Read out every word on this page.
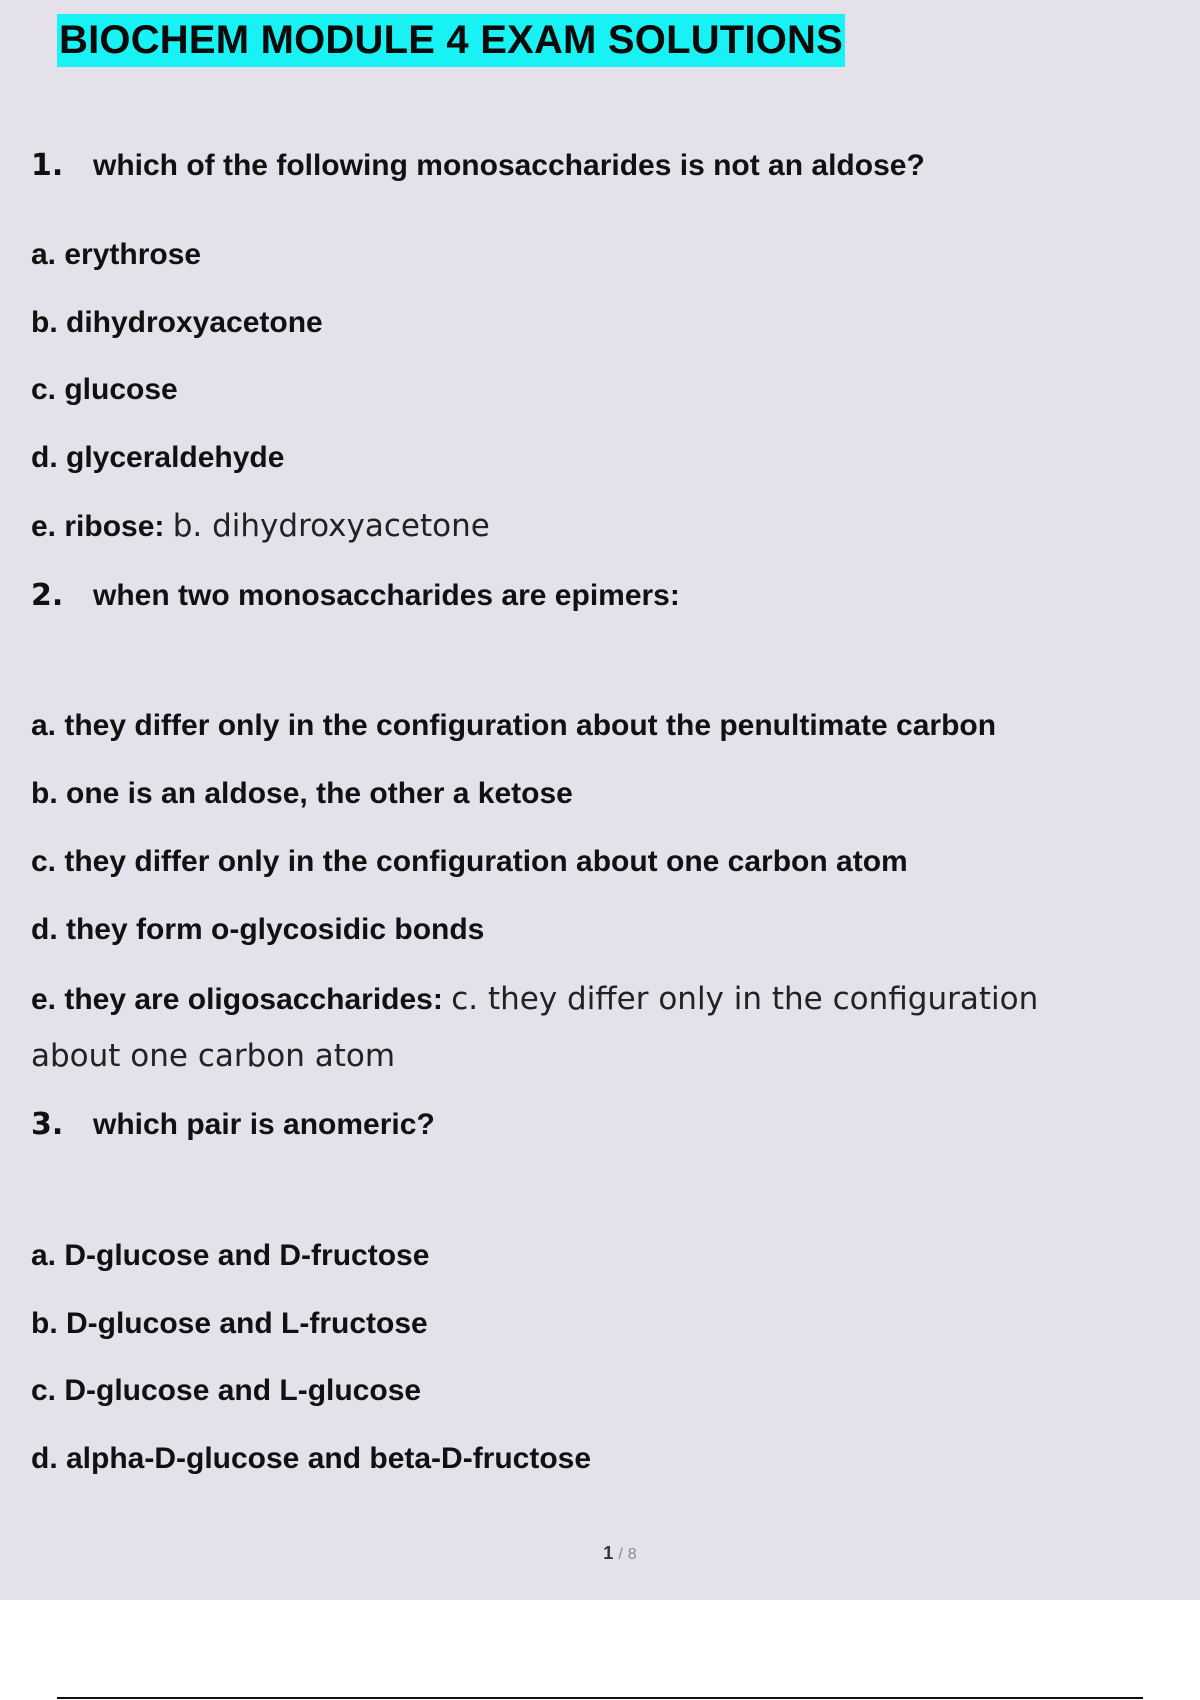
BIOCHEM MODULE 4 EXAM SOLUTIONS
1. which of the following monosaccharides is not an aldose?
a. erythrose
b. dihydroxyacetone
c. glucose
d. glyceraldehyde
e. ribose: b. dihydroxyacetone
2. when two monosaccharides are epimers:
a. they differ only in the configuration about the penultimate carbon
b. one is an aldose, the other a ketose
c. they differ only in the configuration about one carbon atom
d. they form o-glycosidic bonds
e. they are oligosaccharides: c. they differ only in the configuration
about one carbon atom
3. which pair is anomeric?
a. D-glucose and D-fructose
b. D-glucose and L-fructose
c. D-glucose and L-glucose
d. alpha-D-glucose and beta-D-fructose
1 / 8
